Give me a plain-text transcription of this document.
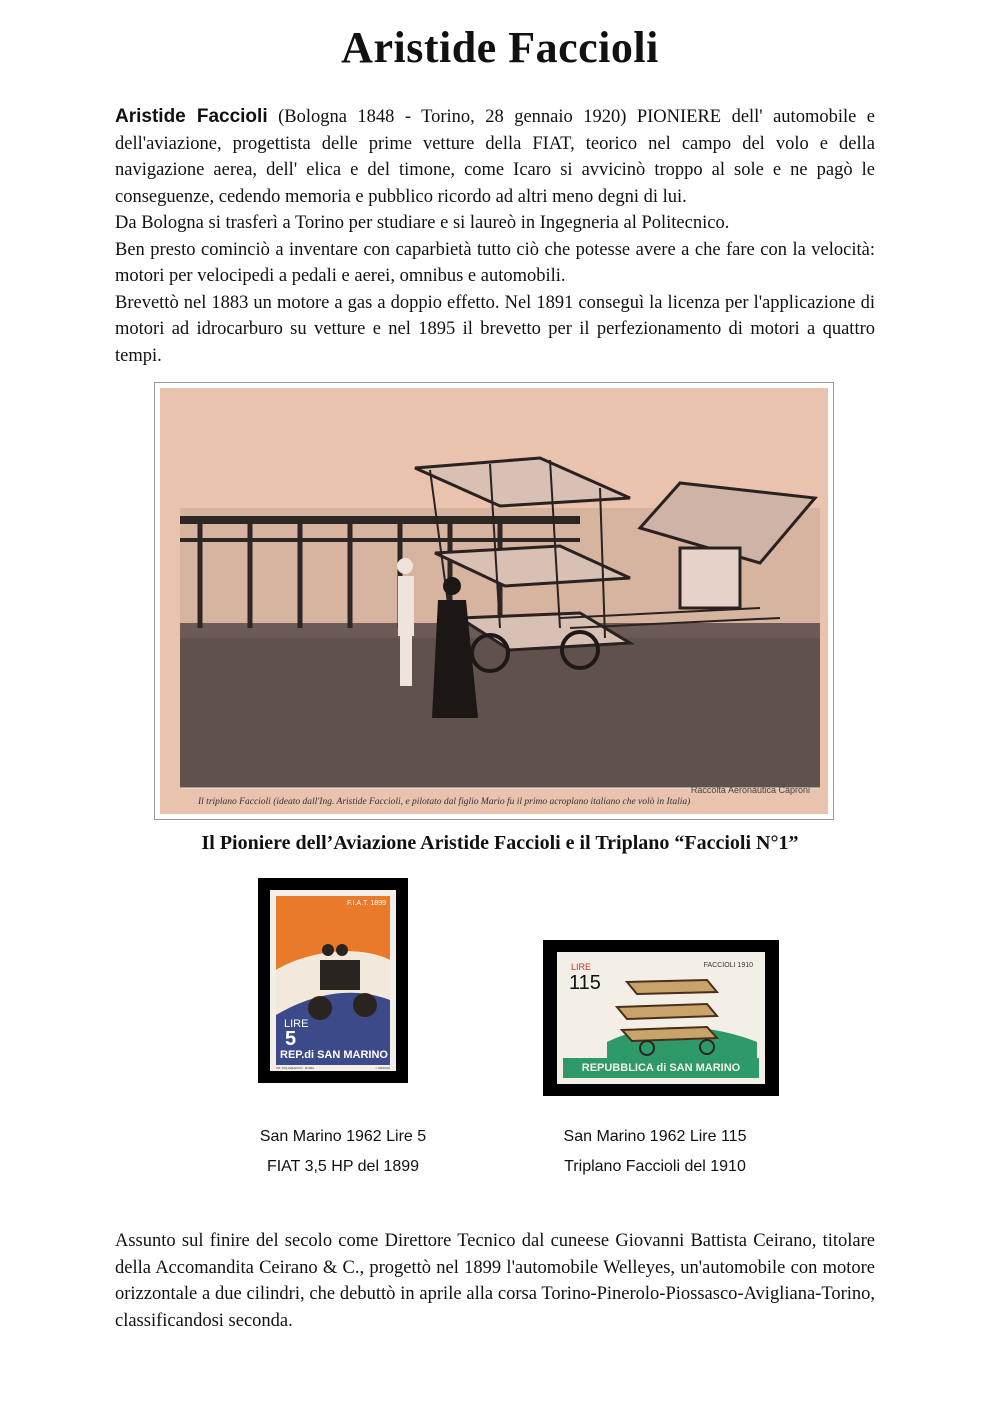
Aristide Faccioli

Aristide Faccioli (Bologna 1848 - Torino, 28 gennaio 1920) PIONIERE dell' automobile e dell'aviazione, progettista delle prime vetture della FIAT, teorico nel campo del volo e della navigazione aerea, dell' elica e del timone, come Icaro si avvicinò troppo al sole e ne pagò le conseguenze, cedendo memoria e pubblico ricordo ad altri meno degni di lui.

Da Bologna si trasferì a Torino per studiare e si laureò in Ingegneria al Politecnico.

Ben presto cominciò a inventare con caparbietà tutto ciò che potesse avere a che fare con la velocità: motori per velocipedi a pedali e aerei, omnibus e automobili.

Brevettò nel 1883 un motore a gas a doppio effetto. Nel 1891 conseguì la licenza per l'applicazione di motori ad idrocarburo su vetture e nel 1895 il brevetto per il perfezionamento di motori a quattro tempi.

Raccolta Aeronautica Caproni
Il triplano Faccioli (ideato dall'Ing. Aristide Faccioli, e pilotato dal figlio Mario fu il primo acroplano italiano che volò in Italia)
Il Pioniere dell’Aviazione Aristide Faccioli e il Triplano “Faccioli N°1”
F.I.A.T. 1899
LIRE
5
REP.di SAN MARINO
IST. POLIGRAFICO - ROMA	I. MARCHI
San Marino 1962 Lire 5
FIAT 3,5 HP del 1899
FACCIOLI 1910
LIRE
115
REPUBBLICA di SAN MARINO
San Marino 1962 Lire 115
Triplano Faccioli del 1910
Assunto sul finire del secolo come Direttore Tecnico dal cuneese Giovanni Battista Ceirano, titolare della Accomandita Ceirano & C., progettò nel 1899 l'automobile Welleyes, un'automobile con motore orizzontale a due cilindri, che debuttò in aprile alla corsa Torino-Pinerolo-Piossasco-Avigliana-Torino, classificandosi seconda.
